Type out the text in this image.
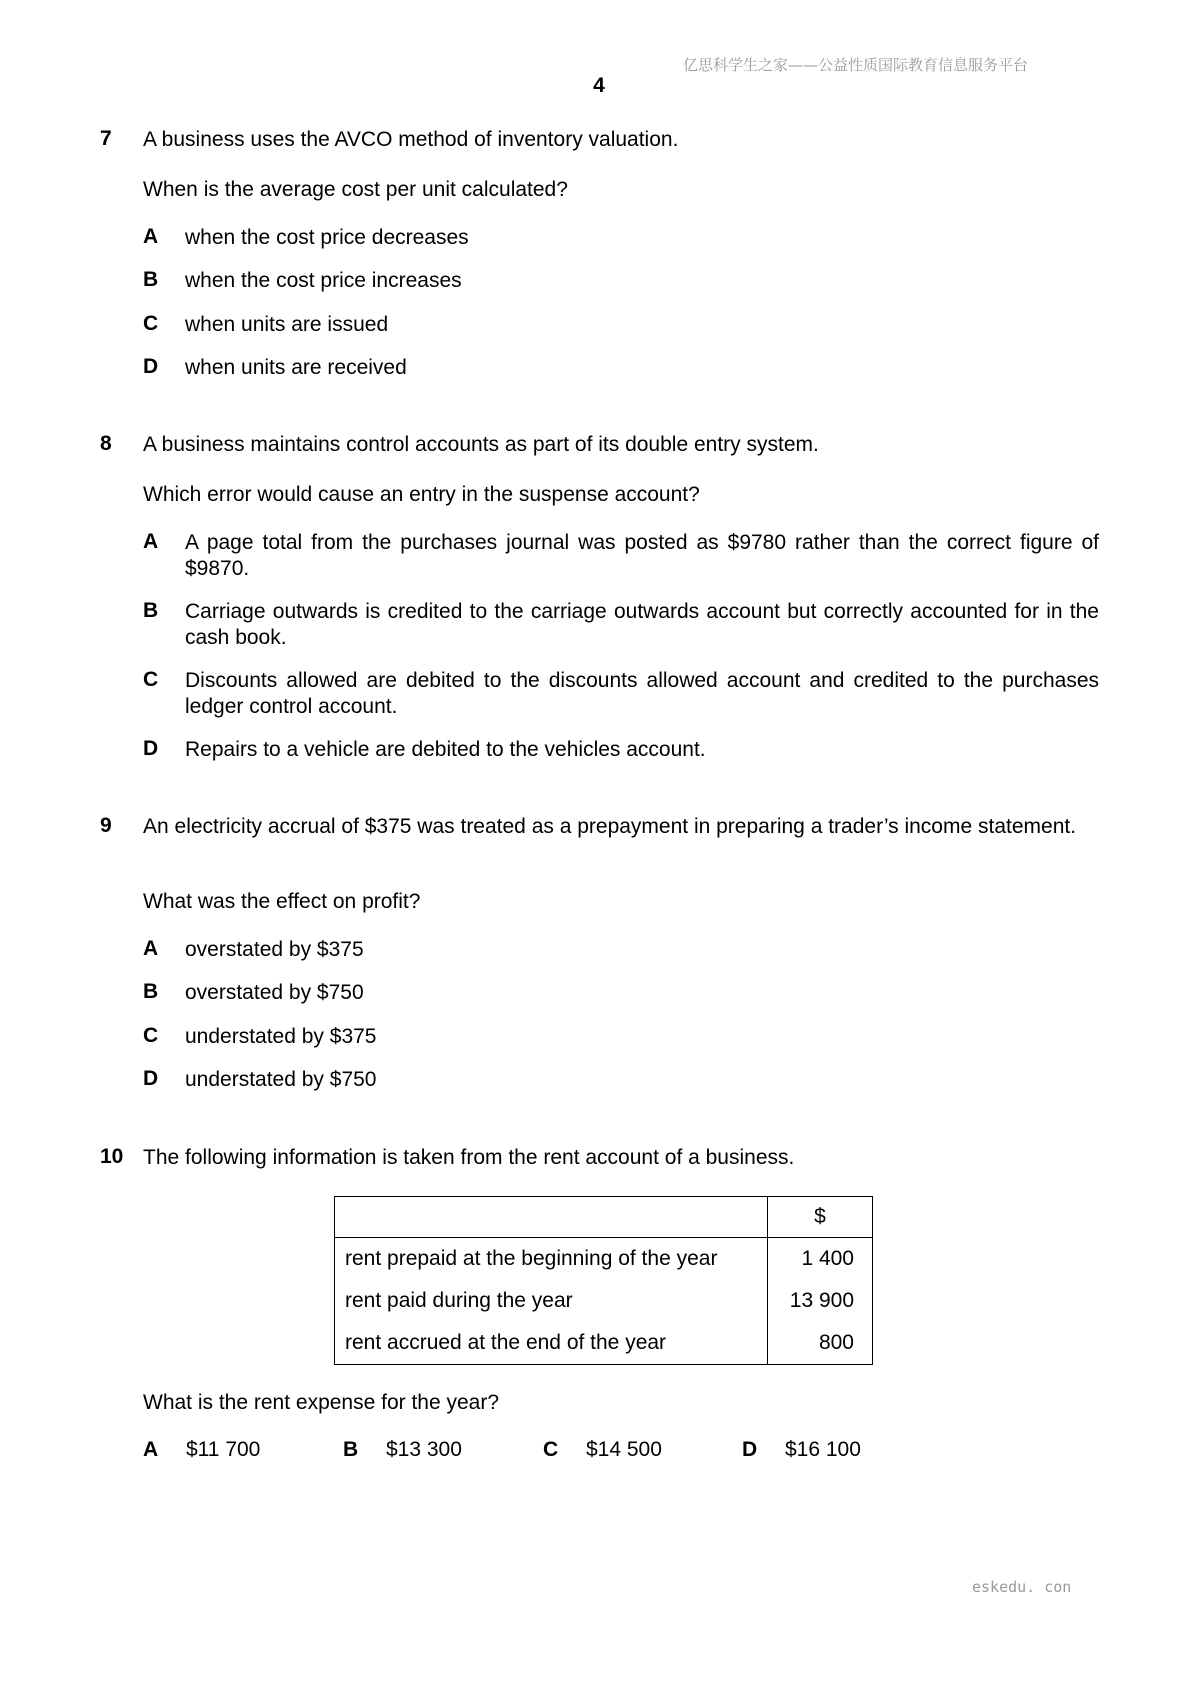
亿思科学生之家——公益性质国际教育信息服务平台
4
7 A business uses the AVCO method of inventory valuation.
When is the average cost per unit calculated?
A when the cost price decreases
B when the cost price increases
C when units are issued
D when units are received
8 A business maintains control accounts as part of its double entry system.
Which error would cause an entry in the suspense account?
A A page total from the purchases journal was posted as $9780 rather than the correct figure of $9870.
B Carriage outwards is credited to the carriage outwards account but correctly accounted for in the cash book.
C Discounts allowed are debited to the discounts allowed account and credited to the purchases ledger control account.
D Repairs to a vehicle are debited to the vehicles account.
9 An electricity accrual of $375 was treated as a prepayment in preparing a trader’s income statement.
What was the effect on profit?
A overstated by $375
B overstated by $750
C understated by $375
D understated by $750
10 The following information is taken from the rent account of a business.
	$
rent prepaid at the beginning of the year	1 400
rent paid during the year	13 900
rent accrued at the end of the year	800
What is the rent expense for the year?
A $11 700	B $13 300	C $14 500	D $16 100
eskedu. con
